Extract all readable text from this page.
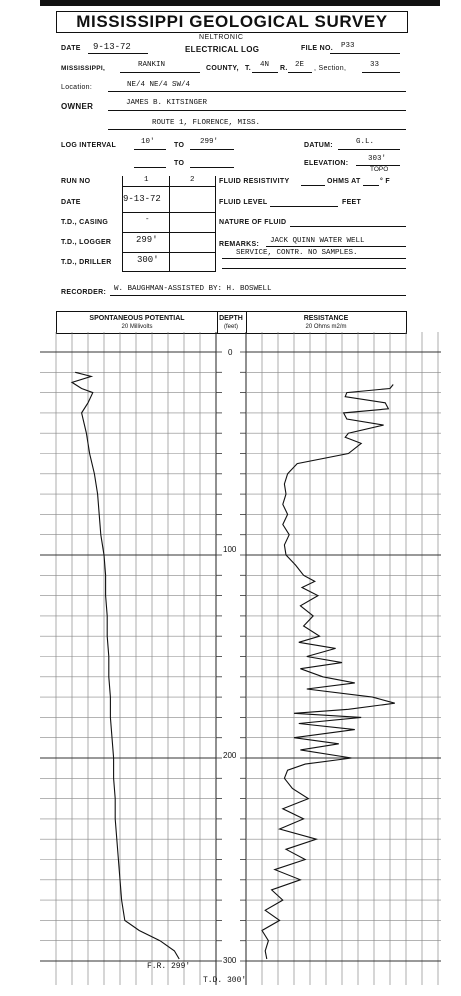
MISSISSIPPI GEOLOGICAL SURVEY
NELTRONIC
DATE 9-13-72	ELECTRICAL LOG	FILE NO. P33
MISSISSIPPI,	RANKIN	COUNTY, T. 4N R. 2E , Section,	33
Location:	NE/4 NE/4 SW/4
OWNER	JAMES B. KITSINGER
ROUTE 1, FLORENCE, MISS.
LOG INTERVAL	10'	TO 299'	DATUM:	G.L.
TO	ELEVATION:
303'
TOPO
RUN NO	1	2
DATE	9-13-72
T.D., CASING	-
T.D., LOGGER	299'
T.D., DRILLER	300'
FLUID RESISTIVITY	OHMS AT	° F
FLUID LEVEL	FEET
NATURE OF FLUID
REMARKS: JACK QUINN WATER WELL
SERVICE, CONTR. NO SAMPLES.
RECORDER: W. BAUGHMAN-ASSISTED BY: H. BOSWELL
SPONTANEOUS POTENTIAL
20 Millivolts
DEPTH
(feet)
RESISTANCE
20 Ohms m2/m
0
100
200
300
F.R. 299'
T.D. 300'
